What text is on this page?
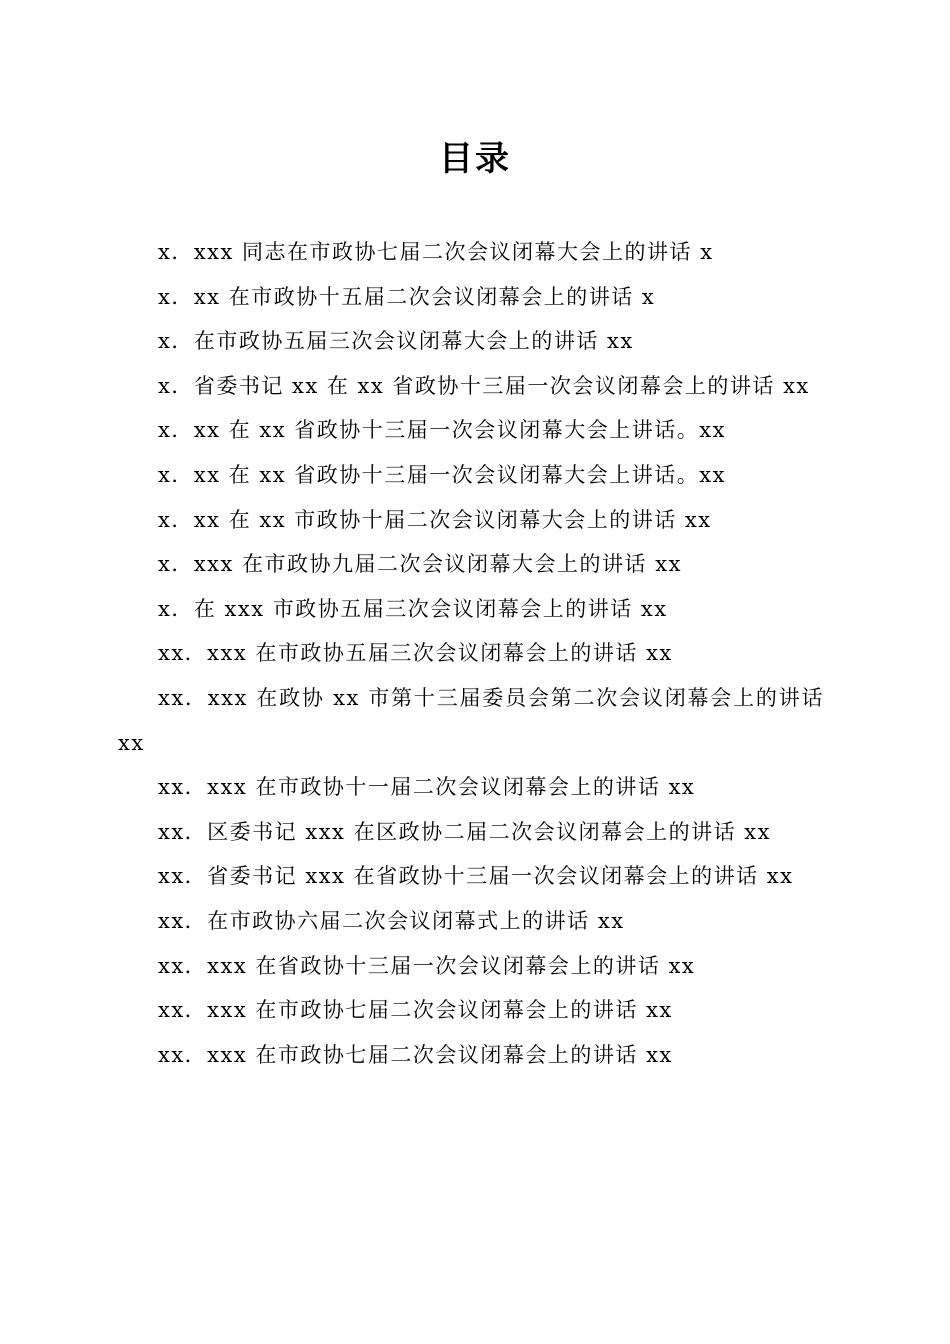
目录
x．xxx 同志在市政协七届二次会议闭幕大会上的讲话 x
x．xx 在市政协十五届二次会议闭幕会上的讲话 x
x．在市政协五届三次会议闭幕大会上的讲话 xx
x．省委书记 xx 在 xx 省政协十三届一次会议闭幕会上的讲话 xx
x．xx 在 xx 省政协十三届一次会议闭幕大会上讲话。xx
x．xx 在 xx 省政协十三届一次会议闭幕大会上讲话。xx
x．xx 在 xx 市政协十届二次会议闭幕大会上的讲话 xx
x．xxx 在市政协九届二次会议闭幕大会上的讲话 xx
x．在 xxx 市政协五届三次会议闭幕会上的讲话 xx
xx．xxx 在市政协五届三次会议闭幕会上的讲话 xx
xx．xxx 在政协 xx 市第十三届委员会第二次会议闭幕会上的讲话 xx
xx．xxx 在市政协十一届二次会议闭幕会上的讲话 xx
xx．区委书记 xxx 在区政协二届二次会议闭幕会上的讲话 xx
xx．省委书记 xxx 在省政协十三届一次会议闭幕会上的讲话 xx
xx．在市政协六届二次会议闭幕式上的讲话 xx
xx．xxx 在省政协十三届一次会议闭幕会上的讲话 xx
xx．xxx 在市政协七届二次会议闭幕会上的讲话 xx
xx．xxx 在市政协七届二次会议闭幕会上的讲话 xx
